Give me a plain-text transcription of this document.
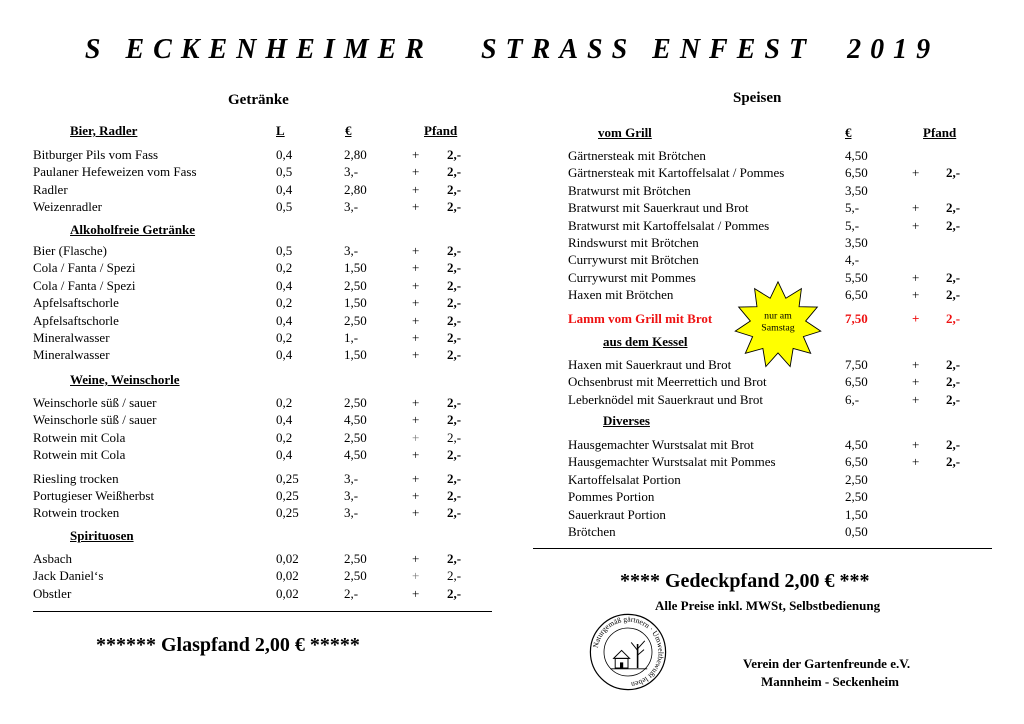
S ECKENHEIMER   STRASS ENFEST  2019
Getränke
Bier, Radler	L	€	Pfand
Bitburger Pils vom Fass	0,4	2,80	+ 2,-
Paulaner Hefeweizen vom Fass	0,5	3,-	+ 2,-
Radler	0,4	2,80	+ 2,-
Weizenradler	0,5	3,-	+ 2,-
Alkoholfreie Getränke
Bier (Flasche)	0,5	3,-	+ 2,-
Cola / Fanta / Spezi	0,2	1,50	+ 2,-
Cola / Fanta / Spezi	0,4	2,50	+ 2,-
Apfelsaftschorle	0,2	1,50	+ 2,-
Apfelsaftschorle	0,4	2,50	+ 2,-
Mineralwasser	0,2	1,-	+ 2,-
Mineralwasser	0,4	1,50	+ 2,-
Weine, Weinschorle
Weinschorle süß / sauer	0,2	2,50	+ 2,-
Weinschorle süß / sauer	0,4	4,50	+ 2,-
Rotwein mit Cola	0,2	2,50	+ 2,-
Rotwein mit Cola	0,4	4,50	+ 2,-
Riesling trocken	0,25	3,-	+ 2,-
Portugieser Weißherbst	0,25	3,-	+ 2,-
Rotwein trocken	0,25	3,-	+ 2,-
Spirituosen
Asbach	0,02	2,50	+ 2,-
Jack Daniel‘s	0,02	2,50	+ 2,-
Obstler	0,02	2,-	+ 2,-
****** Glaspfand 2,00 € *****
Speisen
vom Grill	€	Pfand
Gärtnersteak mit Brötchen	4,50
Gärtnersteak mit Kartoffelsalat / Pommes	6,50	+ 2,-
Bratwurst mit Brötchen	3,50
Bratwurst mit Sauerkraut und Brot	5,-	+ 2,-
Bratwurst mit Kartoffelsalat / Pommes	5,-	+ 2,-
Rindswurst mit Brötchen	3,50
Currywurst mit Brötchen	4,-
Currywurst mit Pommes	5,50	+ 2,-
Haxen mit Brötchen	6,50	+ 2,-
Lamm vom Grill mit Brot	7,50	+ 2,-
aus dem Kessel
Haxen mit Sauerkraut und Brot	7,50	+ 2,-
Ochsenbrust mit Meerrettich und Brot	6,50	+ 2,-
Leberknödel mit Sauerkraut und Brot	6,-	+ 2,-
Diverses
Hausgemachter Wurstsalat mit Brot	4,50	+ 2,-
Hausgemachter Wurstsalat mit Pommes	6,50	+ 2,-
Kartoffelsalat Portion	2,50
Pommes Portion	2,50
Sauerkraut Portion	1,50
Brötchen	0,50
nur am
Samstag
**** Gedeckpfand 2,00 € ***
Alle Preise inkl. MWSt, Selbstbedienung
Naturgemäß gärtnern · Umweltbewußt leben
Verein der Gartenfreunde e.V.
Mannheim - Seckenheim
